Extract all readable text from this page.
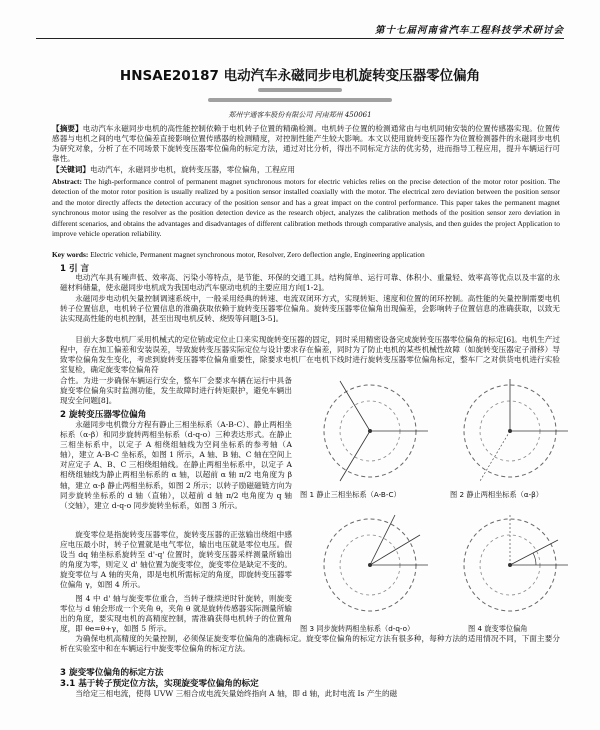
第十七届河南省汽车工程科技学术研讨会
HNSAE20187 电动汽车永磁同步电机旋转变压器零位偏角
郑州宇通客车股份有限公司 河南郑州 450061
【摘要】电动汽车永磁同步电机的高性能控制依赖于电机转子位置的精确检测。电机转子位置的检测通常由与电机同轴安装的位置传感器实现。位置传感器与电机之间的电气零位偏差直接影响位置传感器的检测精度，对控制性能产生较大影响。本文以使用旋转变压器作为位置检测器件的永磁同步电机为研究对象，分析了在不同场景下旋转变压器零位偏角的标定方法，通过对比分析，得出不同标定方法的优劣势，进而指导工程应用，提升车辆运行可靠性。
【关键词】电动汽车，永磁同步电机，旋转变压器，零位偏角，工程应用
Abstract: The high-performance control of permanent magnet synchronous motors for electric vehicles relies on the precise detection of the motor rotor position. The detection of the motor rotor position is usually realized by a position sensor installed coaxially with the motor. The electrical zero deviation between the position sensor and the motor directly affects the detection accuracy of the position sensor and has a great impact on the control performance. This paper takes the permanent magnet synchronous motor using the resolver as the position detection device as the research object, analyzes the calibration methods of the position sensor zero deviation in different scenarios, and obtains the advantages and disadvantages of different calibration methods through comparative analysis, and then guides the project Application to improve vehicle operation reliability.
Key words: Electric vehicle, Permanent magnet synchronous motor, Resolver, Zero deflection angle, Engineering application
1 引 言
电动汽车具有噪声低、效率高、污染小等特点，是节能、环保的交通工具。结构简单、运行可靠、体积小、重量轻、效率高等优点以及丰富的永磁材料储量，使永磁同步电机成为我国电动汽车驱动电机的主要应用方向[1-2]。
永磁同步电动机矢量控制调速系统中，一般采用经典的转速、电流双闭环方式，实现转矩、速度和位置的闭环控制。高性能的矢量控制需要电机转子位置信息，电机转子位置信息的准确获取依赖于旋转变压器零位偏角。旋转变压器零位偏角出现偏差，会影响转子位置信息的准确获取，以致无法实现高性能的电机控制，甚至出现电机反转、烧毁等问题[3-5]。
目前大多数电机厂采用机械式的定位销或定位止口来实现旋转变压器的固定，同时采用精密设备完成旋转变压器零位偏角的标定[6]。电机生产过程中，存在加工偏差和安装误差，导致旋转变压器实际定位与设计要求存在偏差，同时为了防止电机的某些机械性故障（如旋转变压器定子滑移）导致零位偏角发生变化，考虑到旋转变压器零位偏角重要性，除要求电机厂在电机下线时进行旋转变压器零位偏角标定，整车厂之对供货电机进行实验室复检，确定旋变零位偏角符
合性。为进一步确保车辆运行安全，整车厂会要求车辆在运行中具备旋变零位偏角实时监测功能，发生故障时进行转矩限护，避免车辆出现安全问题[8]。
2 旋转变压器零位偏角
永磁同步电机微分方程有静止三相坐标系（A-B-C）、静止两相坐标系（α-β）和同步旋转两相坐标系（d-q-o）三种表达形式。在静止三相坐标系中，以定子 A 相绕组轴线为空间坐标系的参考轴（A 轴），建立 A-B-C 坐标系，如图 1 所示，A 轴、B 轴、C 轴在空间上对应定子 A、B、C 三相绕组轴线。在静止两相坐标系中，以定子 A 相绕组轴线为静止两相坐标系的 α 轴，以超前 α 轴 π/2 电角度为 β 轴，建立 α-β 静止两相坐标系，如图 2 所示；以转子励磁磁链方向为同步旋转坐标系的 d 轴（直轴），以超前 d 轴 π/2 电角度为 q 轴（交轴），建立 d-q-o 同步旋转坐标系，如图 3 所示。
旋变零位是指旋转变压器零位，旋转变压器的正弦输出绕组中感应电压最小时，转子位置就是电气零位，输出电压就是零位电压。假设当 dq 轴坐标系旋转至 d'-q' 位置时，旋转变压器采样测量所输出的角度为零，则定义 d' 轴位置为旋变零位，旋变零位是缺定不变的。旋变零位与 A 轴的夹角，即是电机所需标定的角度，即旋转变压器零位偏角 γ，如图 4 所示。
图 4 中 d' 轴与旋变零位重合，当转子继续逆时针旋转，则旋变零位与 d 轴会形成一个夹角 θ，夹角 θ 就是旋转传感器实际测量所输出的角度，要实现电机的高精度控制，需准确获得电机转子的位置角度，即 θe=θ+γ，如图 5 所示。
为确保电机高精度的矢量控制，必须保证旋变零位偏角的准确标定。旋变零位偏角的标定方法有很多种，每种方法的适用情况不同，下面主要分析在实验室中和在车辆运行中旋变零位偏角的标定方法。
3 旋变零位偏角的标定方法
3.1 基于转子预定位方法，实现旋变零位偏角的标定
当给定三相电流，使得 UVW 三相合成电流矢量始终指向 A 轴，即 d 轴，此时电流 Is 产生的磁
图 1 静止三相坐标系（A-B-C）	图 2 静止两相坐标系（α-β）
图 3 同步旋转两相坐标系（d-q-o）	图 4 旋变零位偏角
